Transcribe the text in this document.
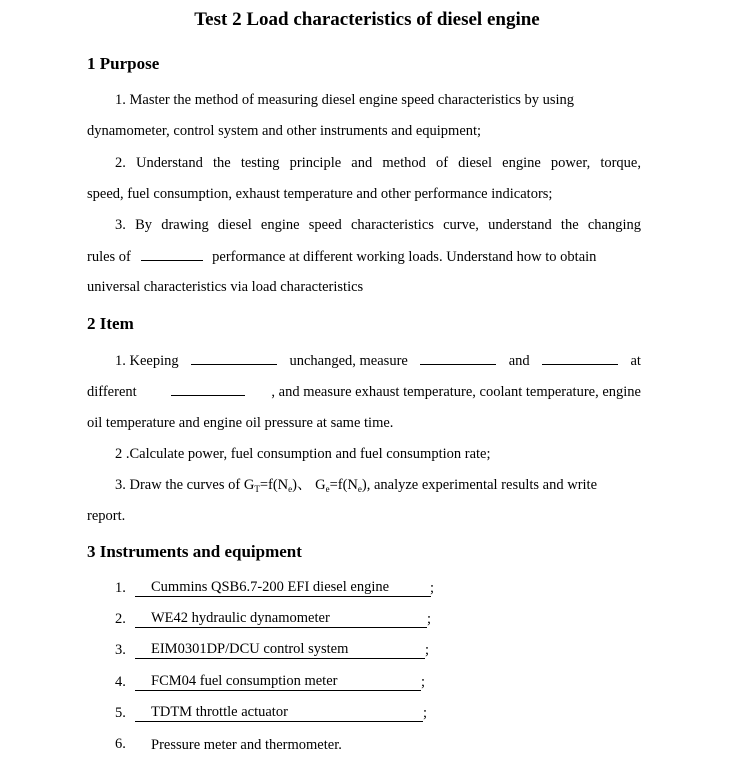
Test 2 Load characteristics of diesel engine
1 Purpose
1. Master the method of measuring diesel engine speed characteristics by using
dynamometer, control system and other instruments and equipment;
2. Understand the testing principle and method of diesel engine power, torque,
speed, fuel consumption, exhaust temperature and other performance indicators;
3. By drawing diesel engine speed characteristics curve, understand the changing
rules of	performance at different working loads. Understand how to obtain
universal characteristics via load characteristics
2 Item
1. Keeping	unchanged, measure	and	at
different	, and measure exhaust temperature, coolant temperature, engine
oil temperature and engine oil pressure at same time.
2 .Calculate power, fuel consumption and fuel consumption rate;
3. Draw the curves of $G_T=f(N_e)$、 $G_e=f(N_e)$, analyze experimental results and write
report.
3 Instruments and equipment
1.	Cummins QSB6.7-200 EFI diesel engine	;
2.	WE42 hydraulic dynamometer	;
3.	EIM0301DP/DCU control system	;
4.	FCM04 fuel consumption meter	;
5.	TDTM throttle actuator	;
6. Pressure meter and thermometer.
